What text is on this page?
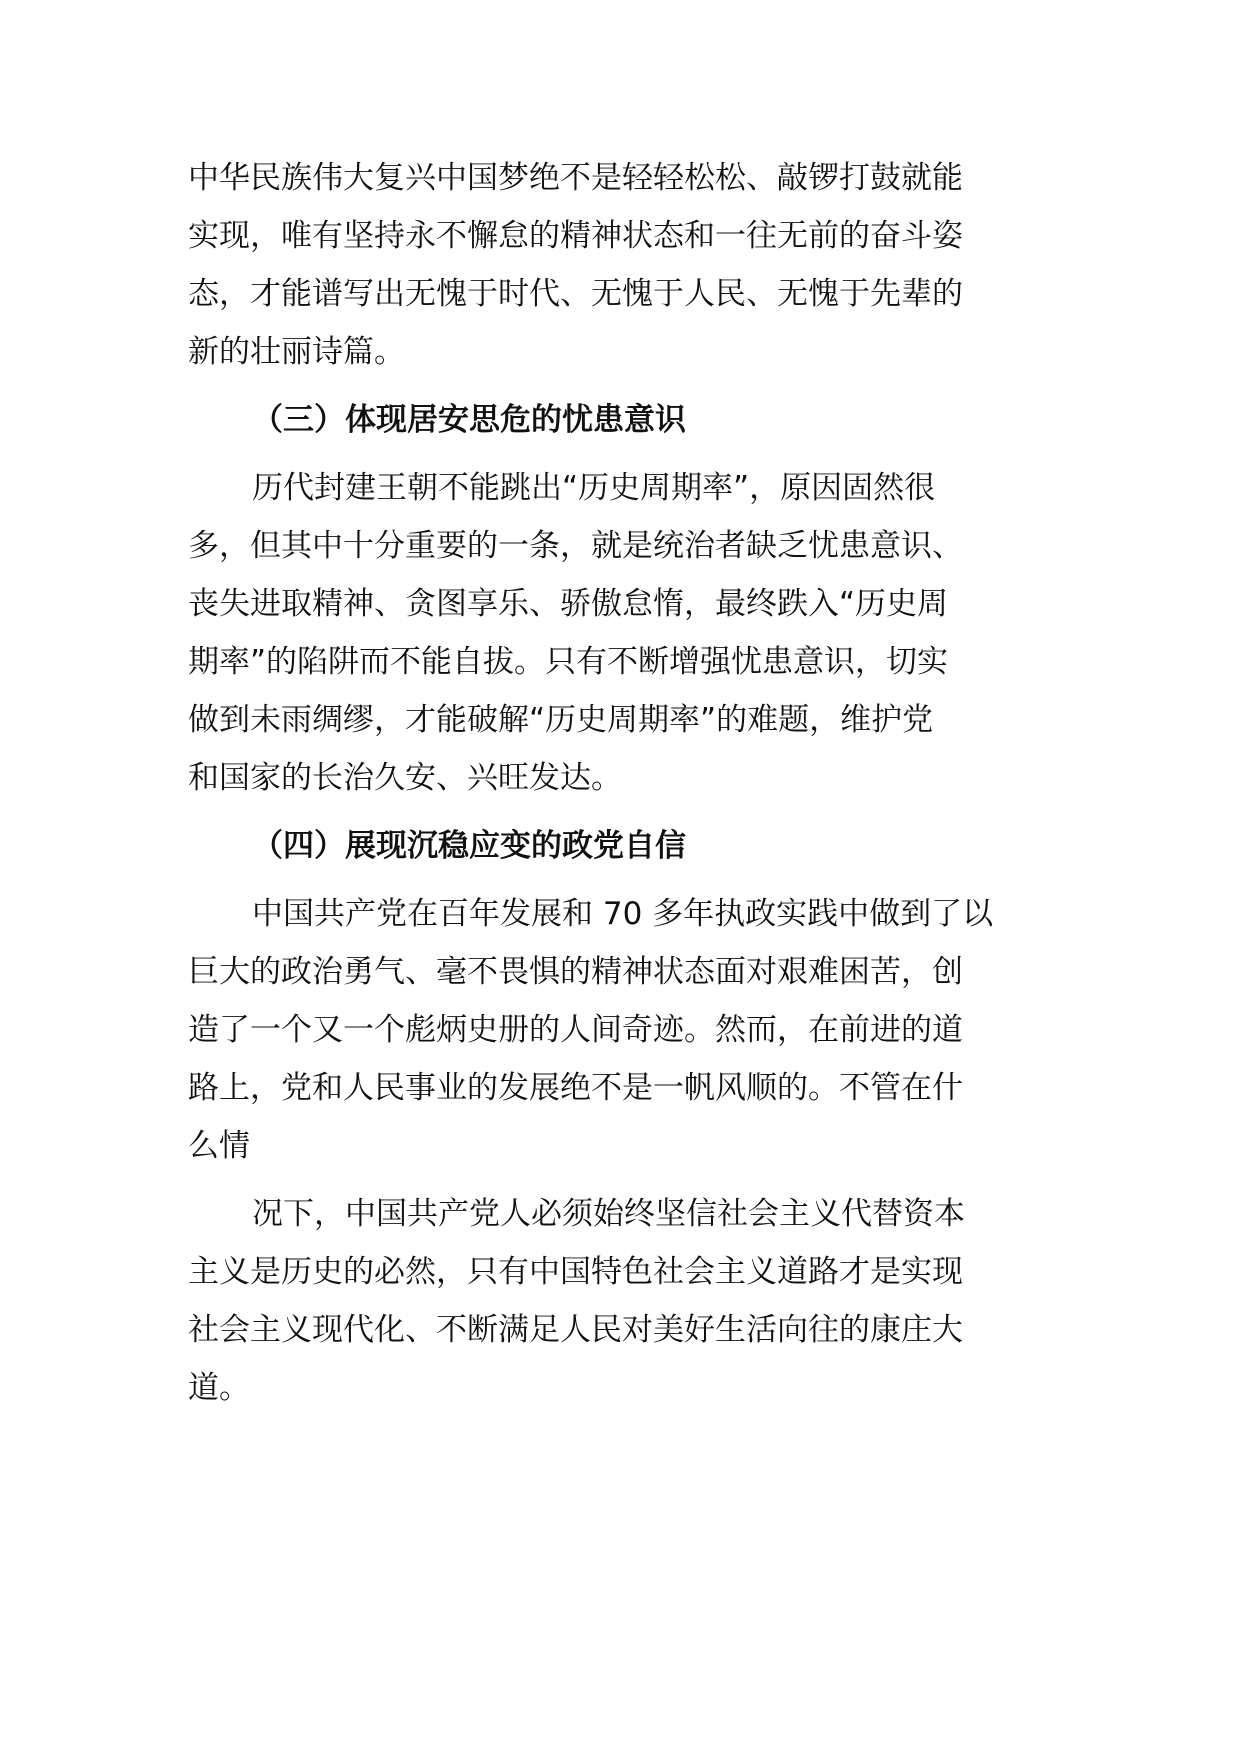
中华民族伟大复兴中国梦绝不是轻轻松松、敲锣打鼓就能

实现，唯有坚持永不懈怠的精神状态和一往无前的奋斗姿

态，才能谱写出无愧于时代、无愧于人民、无愧于先辈的

新的壮丽诗篇。

（三）体现居安思危的忧患意识

历代封建王朝不能跳出“历史周期率”，原因固然很

多，但其中十分重要的一条，就是统治者缺乏忧患意识、

丧失进取精神、贪图享乐、骄傲怠惰，最终跌入“历史周

期率”的陷阱而不能自拔。只有不断增强忧患意识，切实

做到未雨绸缪，才能破解“历史周期率”的难题，维护党

和国家的长治久安、兴旺发达。

（四）展现沉稳应变的政党自信

中国共产党在百年发展和 70 多年执政实践中做到了以

巨大的政治勇气、毫不畏惧的精神状态面对艰难困苦，创

造了一个又一个彪炳史册的人间奇迹。然而，在前进的道

路上，党和人民事业的发展绝不是一帆风顺的。不管在什

么情

况下，中国共产党人必须始终坚信社会主义代替资本

主义是历史的必然，只有中国特色社会主义道路才是实现

社会主义现代化、不断满足人民对美好生活向往的康庄大

道。
